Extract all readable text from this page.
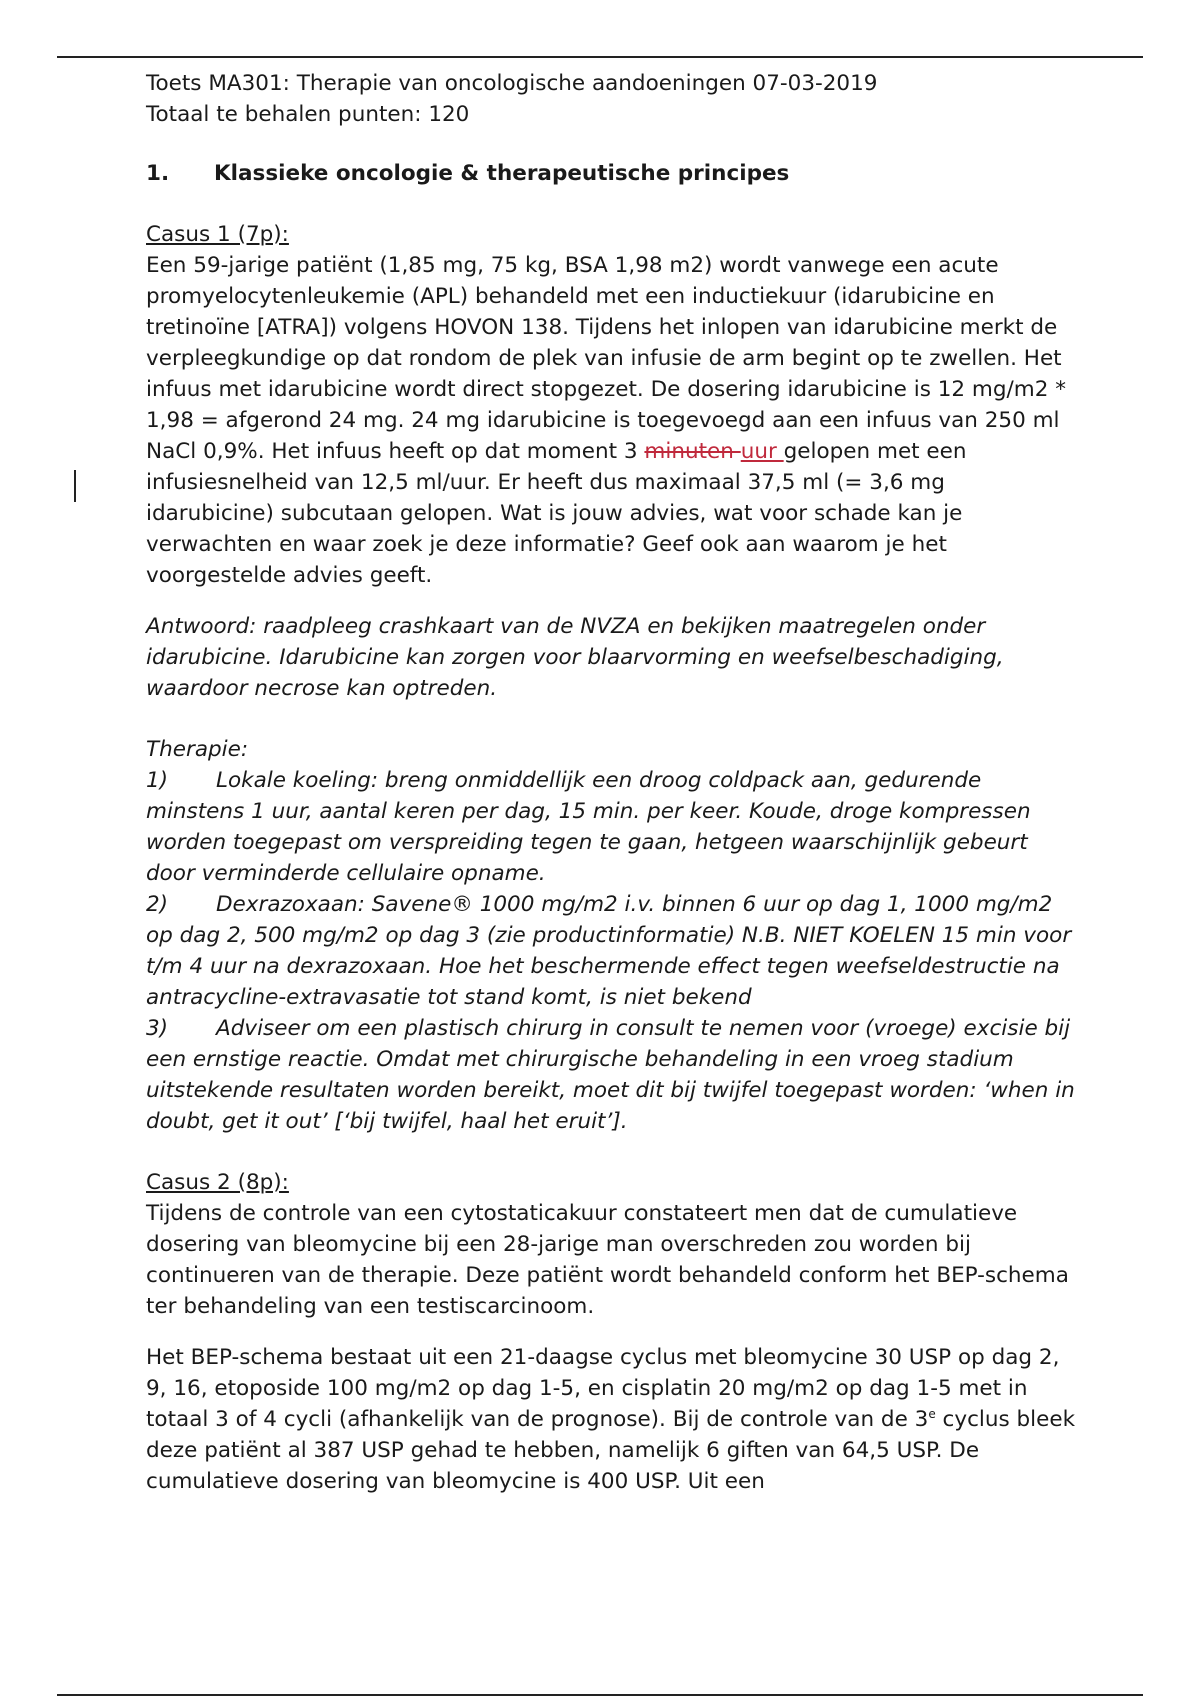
Toets MA301: Therapie van oncologische aandoeningen 07-03-2019

Totaal te behalen punten: 120

1.	Klassieke oncologie & therapeutische principes

Casus 1 (7p):

Een 59-jarige patiënt (1,85 mg, 75 kg, BSA 1,98 m2) wordt vanwege een acute promyelocytenleukemie (APL) behandeld met een inductiekuur (idarubicine en tretinoïne [ATRA]) volgens HOVON 138. Tijdens het inlopen van idarubicine merkt de verpleegkundige op dat rondom de plek van infusie de arm begint op te zwellen. Het infuus met idarubicine wordt direct stopgezet. De dosering idarubicine is 12 mg/m2 * 1,98 = afgerond 24 mg. 24 mg idarubicine is toegevoegd aan een infuus van 250 ml NaCl 0,9%. Het infuus heeft op dat moment 3 minuten uur gelopen met een infusiesnelheid van 12,5 ml/uur. Er heeft dus maximaal 37,5 ml (= 3,6 mg idarubicine) subcutaan gelopen. Wat is jouw advies, wat voor schade kan je verwachten en waar zoek je deze informatie? Geef ook aan waarom je het voorgestelde advies geeft.

Antwoord: raadpleeg crashkaart van de NVZA en bekijken maatregelen onder idarubicine. Idarubicine kan zorgen voor blaarvorming en weefselbeschadiging, waardoor necrose kan optreden.

Therapie:

1) Lokale koeling: breng onmiddellijk een droog coldpack aan, gedurende minstens 1 uur, aantal keren per dag, 15 min. per keer. Koude, droge kompressen worden toegepast om verspreiding tegen te gaan, hetgeen waarschijnlijk gebeurt door verminderde cellulaire opname.
2) Dexrazoxaan: Savene® 1000 mg/m2 i.v. binnen 6 uur op dag 1, 1000 mg/m2 op dag 2, 500 mg/m2 op dag 3 (zie productinformatie) N.B. NIET KOELEN 15 min voor t/m 4 uur na dexrazoxaan. Hoe het beschermende effect tegen weefseldestructie na antracycline-extravasatie tot stand komt, is niet bekend
3) Adviseer om een plastisch chirurg in consult te nemen voor (vroege) excisie bij een ernstige reactie. Omdat met chirurgische behandeling in een vroeg stadium uitstekende resultaten worden bereikt, moet dit bij twijfel toegepast worden: ‘when in doubt, get it out’ [‘bij twijfel, haal het eruit’].

Casus 2 (8p):

Tijdens de controle van een cytostaticakuur constateert men dat de cumulatieve dosering van bleomycine bij een 28-jarige man overschreden zou worden bij continueren van de therapie. Deze patiënt wordt behandeld conform het BEP-schema ter behandeling van een testiscarcinoom.

Het BEP-schema bestaat uit een 21-daagse cyclus met bleomycine 30 USP op dag 2, 9, 16, etoposide 100 mg/m2 op dag 1-5, en cisplatin 20 mg/m2 op dag 1-5 met in totaal 3 of 4 cycli (afhankelijk van de prognose). Bij de controle van de 3e cyclus bleek deze patiënt al 387 USP gehad te hebben, namelijk 6 giften van 64,5 USP. De cumulatieve dosering van bleomycine is 400 USP. Uit een
